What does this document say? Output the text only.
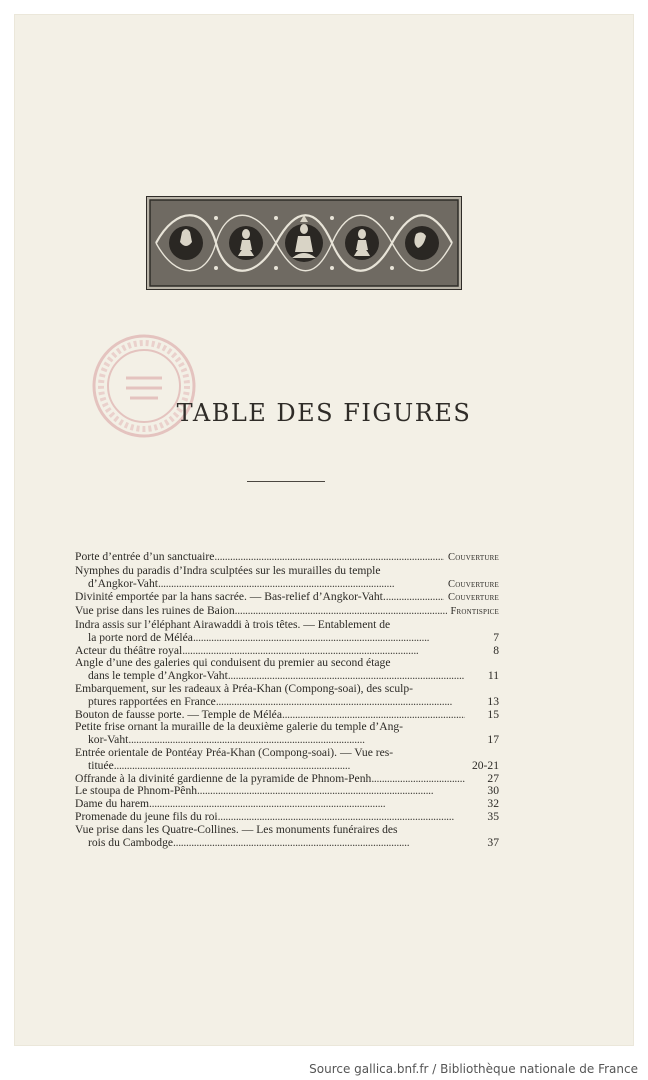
TABLE DES FIGURES
Porte d’entrée d’un sanctuaire . . .	Couverture
Nymphes du paradis d’Indra sculptées sur les murailles du temple
d’Angkor-Vaht . . .	Couverture
Divinité emportée par la hans sacrée. — Bas-relief d’Angkor-Vaht. . . .	Couverture
Vue prise dans les ruines de Baion . . .	Frontispice
Indra assis sur l’éléphant Airawaddi à trois têtes. — Entablement de
la porte nord de Méléa . . .	7
Acteur du théâtre royal . . .	8
Angle d’une des galeries qui conduisent du premier au second étage
dans le temple d’Angkor-Vaht . . .	11
Embarquement, sur les radeaux à Préa-Khan (Compong-soai), des sculp-
ptures rapportées en France . . .	13
Bouton de fausse porte. — Temple de Méléa . . .	15
Petite frise ornant la muraille de la deuxième galerie du temple d’Ang-
kor-Vaht . . .	17
Entrée orientale de Pontéay Préa-Khan (Compong-soai). — Vue res-
tituée . . .	20-21
Offrande à la divinité gardienne de la pyramide de Phnom-Penh . . .	27
Le stoupa de Phnom-Pênh . . .	30
Dame du harem . . .	32
Promenade du jeune fils du roi . . .	35
Vue prise dans les Quatre-Collines. — Les monuments funéraires des
rois du Cambodge . . .	37
Source gallica.bnf.fr / Bibliothèque nationale de France
